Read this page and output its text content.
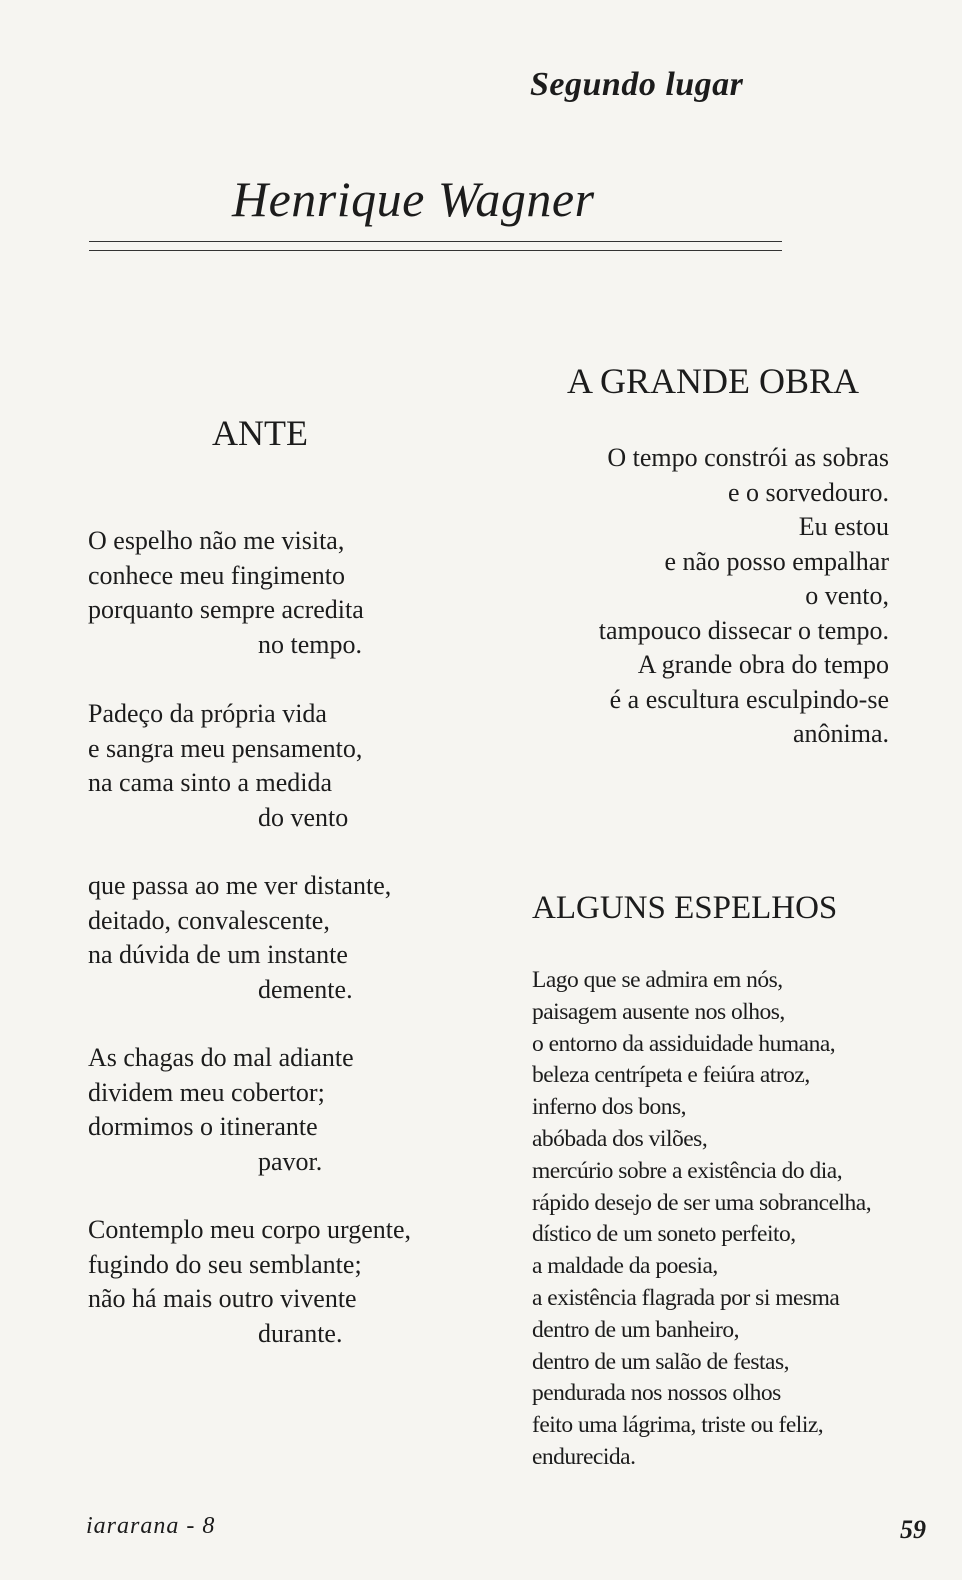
Segundo lugar
Henrique Wagner
ANTE
O espelho não me visita,
conhece meu fingimento
porquanto sempre acredita
no tempo.
Padeço da própria vida
e sangra meu pensamento,
na cama sinto a medida
do vento
que passa ao me ver distante,
deitado, convalescente,
na dúvida de um instante
demente.
As chagas do mal adiante
dividem meu cobertor;
dormimos o itinerante
pavor.
Contemplo meu corpo urgente,
fugindo do seu semblante;
não há mais outro vivente
durante.
A GRANDE OBRA
O tempo constrói as sobras
e o sorvedouro.
Eu estou
e não posso empalhar
o vento,
tampouco dissecar o tempo.
A grande obra do tempo
é a escultura esculpindo-se
anônima.
ALGUNS ESPELHOS
Lago que se admira em nós,
paisagem ausente nos olhos,
o entorno da assiduidade humana,
beleza centrípeta e feiúra atroz,
inferno dos bons,
abóbada dos vilões,
mercúrio sobre a existência do dia,
rápido desejo de ser uma sobrancelha,
dístico de um soneto perfeito,
a maldade da poesia,
a existência flagrada por si mesma
dentro de um banheiro,
dentro de um salão de festas,
pendurada nos nossos olhos
feito uma lágrima, triste ou feliz,
endurecida.
iararana - 8	59
